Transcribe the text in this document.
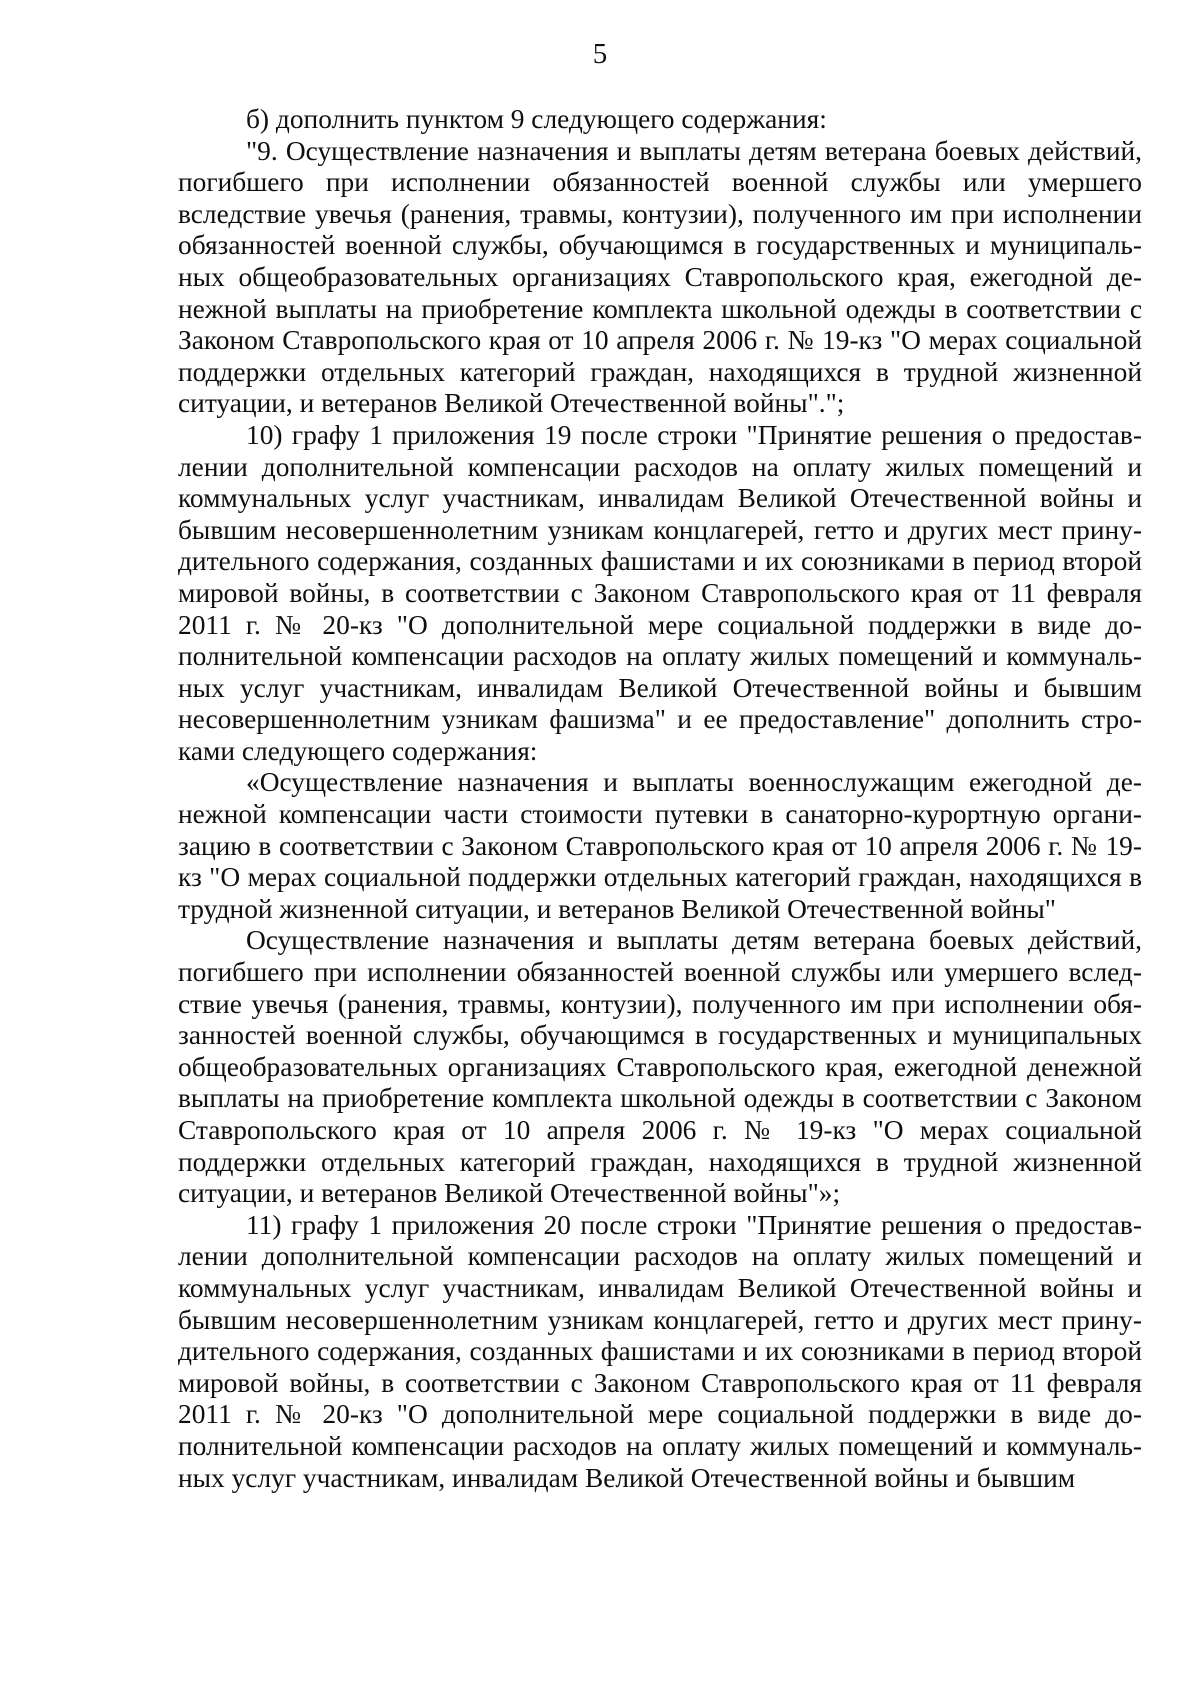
5

б) дополнить пунктом 9 следующего содержания:

"9. Осуществление назначения и выплаты детям ветерана боевых действий, погибшего при исполнении обязанностей военной службы или умершего вследствие увечья (ранения, травмы, контузии), полученного им при исполнении обязанностей военной службы, обучающимся в государственных и муниципальных общеобразовательных организациях Ставропольского края, ежегодной денежной выплаты на приобретение комплекта школьной одежды в соответствии с Законом Ставропольского края от 10 апреля 2006 г. № 19-кз "О мерах социальной поддержки отдельных категорий граждан, находящихся в трудной жизненной ситуации, и ветеранов Великой Отечественной войны".";

10) графу 1 приложения 19 после строки "Принятие решения о предоставлении дополнительной компенсации расходов на оплату жилых помещений и коммунальных услуг участникам, инвалидам Великой Отечественной войны и бывшим несовершеннолетним узникам концлагерей, гетто и других мест принудительного содержания, созданных фашистами и их союзниками в период второй мировой войны, в соответствии с Законом Ставропольского края от 11 февраля 2011 г. № 20-кз "О дополнительной мере социальной поддержки в виде дополнительной компенсации расходов на оплату жилых помещений и коммунальных услуг участникам, инвалидам Великой Отечественной войны и бывшим несовершеннолетним узникам фашизма" и ее предоставление" дополнить строками следующего содержания:

«Осуществление назначения и выплаты военнослужащим ежегодной денежной компенсации части стоимости путевки в санаторно-курортную организацию в соответствии с Законом Ставропольского края от 10 апреля 2006 г. № 19-кз "О мерах социальной поддержки отдельных категорий граждан, находящихся в трудной жизненной ситуации, и ветеранов Великой Отечественной войны"

Осуществление назначения и выплаты детям ветерана боевых действий, погибшего при исполнении обязанностей военной службы или умершего вследствие увечья (ранения, травмы, контузии), полученного им при исполнении обязанностей военной службы, обучающимся в государственных и муниципальных общеобразовательных организациях Ставропольского края, ежегодной денежной выплаты на приобретение комплекта школьной одежды в соответствии с Законом Ставропольского края от 10 апреля 2006 г. № 19-кз "О мерах социальной поддержки отдельных категорий граждан, находящихся в трудной жизненной ситуации, и ветеранов Великой Отечественной войны"»;

11) графу 1 приложения 20 после строки "Принятие решения о предоставлении дополнительной компенсации расходов на оплату жилых помещений и коммунальных услуг участникам, инвалидам Великой Отечественной войны и бывшим несовершеннолетним узникам концлагерей, гетто и других мест принудительного содержания, созданных фашистами и их союзниками в период второй мировой войны, в соответствии с Законом Ставропольского края от 11 февраля 2011 г. № 20-кз "О дополнительной мере социальной поддержки в виде дополнительной компенсации расходов на оплату жилых помещений и коммунальных услуг участникам, инвалидам Великой Отечественной войны и бывшим
